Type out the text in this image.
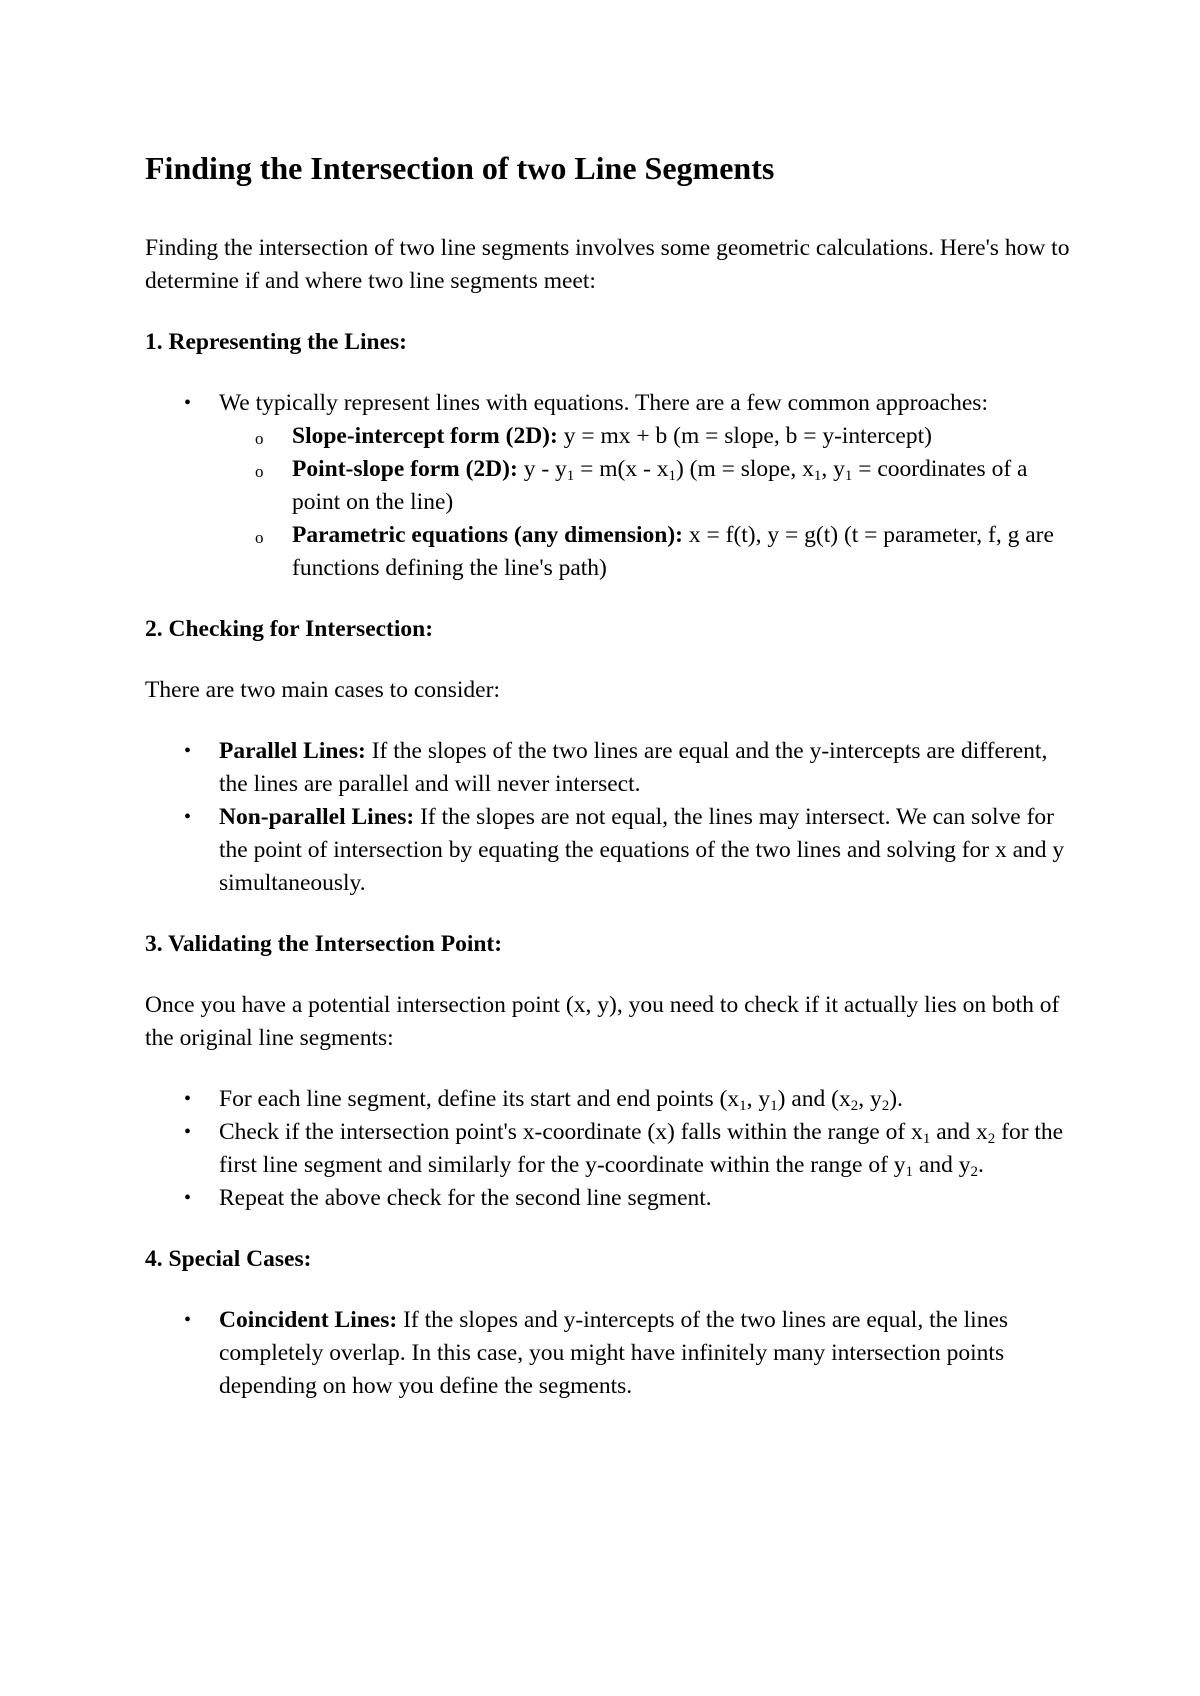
Finding the Intersection of two Line Segments

Finding the intersection of two line segments involves some geometric calculations. Here's how to determine if and where two line segments meet:

1. Representing the Lines:
• We typically represent lines with equations. There are a few common approaches:
o Slope-intercept form (2D): y = mx + b (m = slope, b = y-intercept)
o Point-slope form (2D): $y - y_1 = m(x - x_1) (m$ = slope, $x_1$, $y_1$ = coordinates of a point on the line)
o Parametric equations (any dimension): x = f(t), y = g(t) (t = parameter, f, g are functions defining the line's path)
2. Checking for Intersection:

There are two main cases to consider:

• Parallel Lines: If the slopes of the two lines are equal and the y-intercepts are different, the lines are parallel and will never intersect.
• Non-parallel Lines: If the slopes are not equal, the lines may intersect. We can solve for the point of intersection by equating the equations of the two lines and solving for x and y simultaneously.
3. Validating the Intersection Point:

Once you have a potential intersection point (x, y), you need to check if it actually lies on both of the original line segments:

• For each line segment, define its start and end points ($x_1$, $y_1$) and ($x_2$, $y_2$).
• Check if the intersection point's x-coordinate (x) falls within the range of $x_1$ and $x_2$ for the first line segment and similarly for the y-coordinate within the range of $y_1$ and $y_2$.
• Repeat the above check for the second line segment.
4. Special Cases:
• Coincident Lines: If the slopes and y-intercepts of the two lines are equal, the lines completely overlap. In this case, you might have infinitely many intersection points depending on how you define the segments.
